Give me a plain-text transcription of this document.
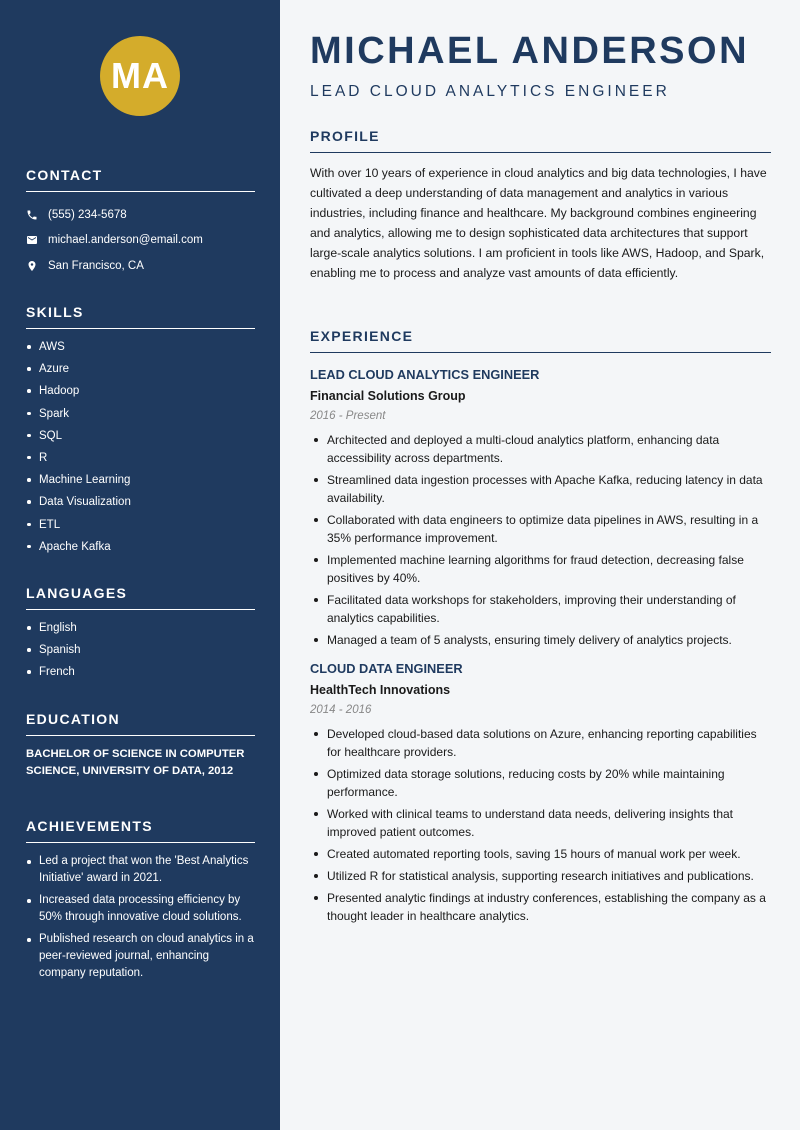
MA
CONTACT
(555) 234-5678
michael.anderson@email.com
San Francisco, CA
SKILLS
AWS
Azure
Hadoop
Spark
SQL
R
Machine Learning
Data Visualization
ETL
Apache Kafka
LANGUAGES
English
Spanish
French
EDUCATION
BACHELOR OF SCIENCE IN COMPUTER SCIENCE, UNIVERSITY OF DATA, 2012
ACHIEVEMENTS
Led a project that won the 'Best Analytics Initiative' award in 2021.
Increased data processing efficiency by 50% through innovative cloud solutions.
Published research on cloud analytics in a peer-reviewed journal, enhancing company reputation.
MICHAEL ANDERSON
LEAD CLOUD ANALYTICS ENGINEER
PROFILE

With over 10 years of experience in cloud analytics and big data technologies, I have cultivated a deep understanding of data management and analytics in various industries, including finance and healthcare. My background combines engineering and analytics, allowing me to design sophisticated data architectures that support large-scale analytics solutions. I am proficient in tools like AWS, Hadoop, and Spark, enabling me to process and analyze vast amounts of data efficiently.

EXPERIENCE
LEAD CLOUD ANALYTICS ENGINEER
Financial Solutions Group
2016 - Present
Architected and deployed a multi-cloud analytics platform, enhancing data accessibility across departments.
Streamlined data ingestion processes with Apache Kafka, reducing latency in data availability.
Collaborated with data engineers to optimize data pipelines in AWS, resulting in a 35% performance improvement.
Implemented machine learning algorithms for fraud detection, decreasing false positives by 40%.
Facilitated data workshops for stakeholders, improving their understanding of analytics capabilities.
Managed a team of 5 analysts, ensuring timely delivery of analytics projects.
CLOUD DATA ENGINEER
HealthTech Innovations
2014 - 2016
Developed cloud-based data solutions on Azure, enhancing reporting capabilities for healthcare providers.
Optimized data storage solutions, reducing costs by 20% while maintaining performance.
Worked with clinical teams to understand data needs, delivering insights that improved patient outcomes.
Created automated reporting tools, saving 15 hours of manual work per week.
Utilized R for statistical analysis, supporting research initiatives and publications.
Presented analytic findings at industry conferences, establishing the company as a thought leader in healthcare analytics.
